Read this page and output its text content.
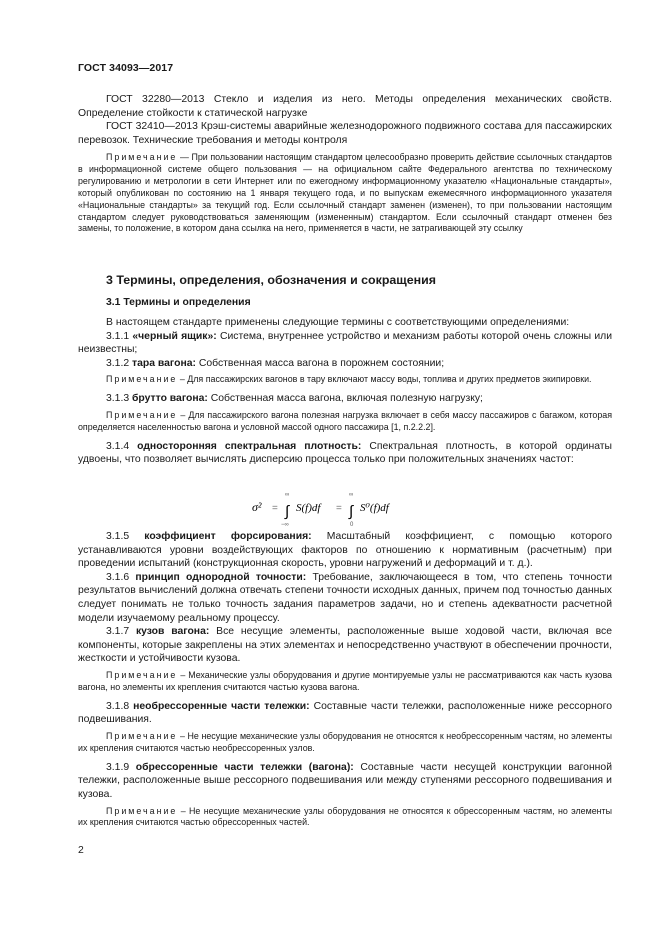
ГОСТ 34093—2017

ГОСТ 32280—2013 Стекло и изделия из него. Методы определения механических свойств. Определение стойкости к статической нагрузке

ГОСТ 32410—2013 Крэш-системы аварийные железнодорожного подвижного состава для пассажирских перевозок. Технические требования и методы контроля

Примечание — При пользовании настоящим стандартом целесообразно проверить действие ссылочных стандартов в информационной системе общего пользования — на официальном сайте Федерального агентства по техническому регулированию и метрологии в сети Интернет или по ежегодному информационному указателю «Национальные стандарты», который опубликован по состоянию на 1 января текущего года, и по выпускам ежемесячного информационного указателя «Национальные стандарты» за текущий год. Если ссылочный стандарт заменен (изменен), то при пользовании настоящим стандартом следует руководствоваться заменяющим (измененным) стандартом. Если ссылочный стандарт отменен без замены, то положение, в котором дана ссылка на него, применяется в части, не затрагивающей эту ссылку

3 Термины, определения, обозначения и сокращения
3.1 Термины и определения

В настоящем стандарте применены следующие термины с соответствующими определениями:

3.1.1 «черный ящик»: Система, внутреннее устройство и механизм работы которой очень сложны или неизвестны;

3.1.2 тара вагона: Собственная масса вагона в порожнем состоянии;

Примечание – Для пассажирских вагонов в тару включают массу воды, топлива и других предметов экипировки.

3.1.3 брутто вагона: Собственная масса вагона, включая полезную нагрузку;

Примечание – Для пассажирского вагона полезная нагрузка включает в себя массу пассажиров с багажом, которая определяется населенностью вагона и условной массой одного пассажира [1, п.2.2.2].

3.1.4 односторонняя спектральная плотность: Спектральная плотность, в которой ординаты удвоены, что позволяет вычислять дисперсию процесса только при положительных значениях частот:

σ² =
∞
∫
−∞
S(f)df =
∞
∫
0
S⁰(f)df

3.1.5 коэффициент форсирования: Масштабный коэффициент, с помощью которого устанавливаются уровни воздействующих факторов по отношению к нормативным (расчетным) при проведении испытаний (конструкционная скорость, уровни нагружений и деформаций и т. д.).

3.1.6 принцип однородной точности: Требование, заключающееся в том, что степень точности результатов вычислений должна отвечать степени точности исходных данных, причем под точностью данных следует понимать не только точность задания параметров задачи, но и степень адекватности расчетной модели изучаемому реальному процессу.

3.1.7 кузов вагона: Все несущие элементы, расположенные выше ходовой части, включая все компоненты, которые закреплены на этих элементах и непосредственно участвуют в обеспечении прочности, жесткости и устойчивости кузова.

Примечание – Механические узлы оборудования и другие монтируемые узлы не рассматриваются как часть кузова вагона, но элементы их крепления считаются частью кузова вагона.

3.1.8 необрессоренные части тележки: Составные части тележки, расположенные ниже рессорного подвешивания.

Примечание – Не несущие механические узлы оборудования не относятся к необрессоренным частям, но элементы их крепления считаются частью необрессоренных узлов.

3.1.9 обрессоренные части тележки (вагона): Составные части несущей конструкции вагонной тележки, расположенные выше рессорного подвешивания или между ступенями рессорного подвешивания и кузова.

Примечание – Не несущие механические узлы оборудования не относятся к обрессоренным частям, но элементы их крепления считаются частью обрессоренных частей.

2
